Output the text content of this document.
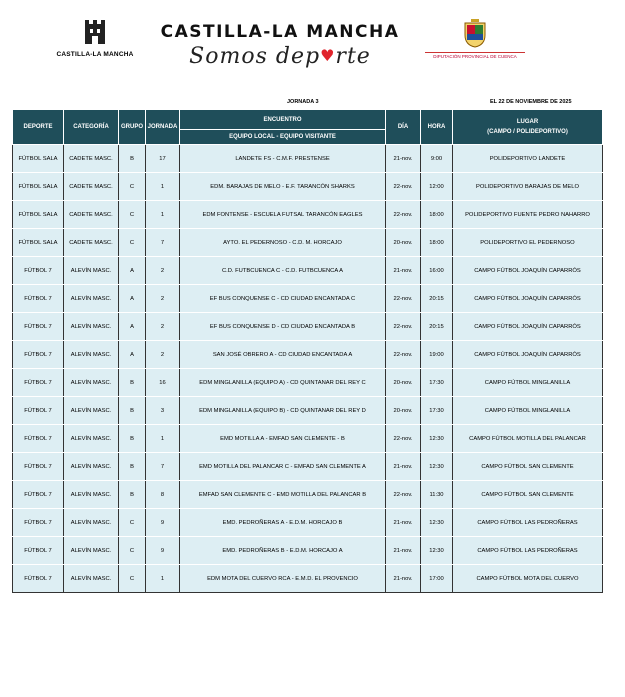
CASTILLA-LA MANCHA
CASTILLA-LA MANCHA
Somos dep♥rte	DIPUTACIÓN PROVINCIAL DE CUENCA
JORNADA 3	EL 22 DE NOVIEMBRE DE 2025
DEPORTE	CATEGORÍA	GRUPO	JORNADA	ENCUENTRO
EQUIPO LOCAL - EQUIPO VISITANTE	DÍA	HORA	LUGAR
(CAMPO / POLIDEPORTIVO)

FÚTBOL SALA	CADETE MASC.	B	17	LANDETE FS - C.M.F. PRESTENSE	21-nov.	9:00	POLIDEPORTIVO LANDETE
FÚTBOL SALA	CADETE MASC.	C	1	EDM. BARAJAS DE MELO - E.F. TARANCÓN SHARKS	22-nov.	12:00	POLIDEPORTIVO BARAJAS DE MELO
FÚTBOL SALA	CADETE MASC.	C	1	EDM FONTENSE - ESCUELA FUTSAL TARANCÓN EAGLES	22-nov.	18:00	POLIDEPORTIVO FUENTE PEDRO NAHARRO
FÚTBOL SALA	CADETE MASC.	C	7	AYTO. EL PEDERNOSO - C.D. M. HORCAJO	20-nov.	18:00	POLIDEPORTIVO EL PEDERNOSO
FÚTBOL 7	ALEVÍN MASC.	A	2	C.D. FUTBCUENCA C - C.D. FUTBCUENCA A	21-nov.	16:00	CAMPO FÚTBOL JOAQUÍN CAPARRÓS
FÚTBOL 7	ALEVÍN MASC.	A	2	EF BUS CONQUENSE C - CD CIUDAD ENCANTADA C	22-nov.	20:15	CAMPO FÚTBOL JOAQUÍN CAPARRÓS
FÚTBOL 7	ALEVÍN MASC.	A	2	EF BUS CONQUENSE D - CD CIUDAD ENCANTADA B	22-nov.	20:15	CAMPO FÚTBOL JOAQUÍN CAPARRÓS
FÚTBOL 7	ALEVÍN MASC.	A	2	SAN JOSÉ OBRERO A - CD CIUDAD ENCANTADA A	22-nov.	19:00	CAMPO FÚTBOL JOAQUÍN CAPARRÓS
FÚTBOL 7	ALEVÍN MASC.	B	16	EDM MINGLANILLA (EQUIPO A) - CD QUINTANAR DEL REY C	20-nov.	17:30	CAMPO FÚTBOL MINGLANILLA
FÚTBOL 7	ALEVÍN MASC.	B	3	EDM MINGLANILLA (EQUIPO B) - CD QUINTANAR DEL REY D	20-nov.	17:30	CAMPO FÚTBOL MINGLANILLA
FÚTBOL 7	ALEVÍN MASC.	B	1	EMD MOTILLA A - EMFAD SAN CLEMENTE - B	22-nov.	12:30	CAMPO FÚTBOL MOTILLA DEL PALANCAR
FÚTBOL 7	ALEVÍN MASC.	B	7	EMD MOTILLA DEL PALANCAR C - EMFAD SAN CLEMENTE A	21-nov.	12:30	CAMPO FÚTBOL SAN CLEMENTE
FÚTBOL 7	ALEVÍN MASC.	B	8	EMFAD SAN CLEMENTE C - EMD MOTILLA DEL PALANCAR B	22-nov.	11:30	CAMPO FÚTBOL SAN CLEMENTE
FÚTBOL 7	ALEVÍN MASC.	C	9	EMD. PEDROÑERAS A - E.D.M. HORCAJO B	21-nov.	12:30	CAMPO FÚTBOL LAS PEDROÑERAS
FÚTBOL 7	ALEVÍN MASC.	C	9	EMD. PEDROÑERAS B - E.D.M. HORCAJO A	21-nov.	12:30	CAMPO FÚTBOL LAS PEDROÑERAS
FÚTBOL 7	ALEVÍN MASC.	C	1	EDM MOTA DEL CUERVO RCA - E.M.D. EL PROVENCIO	21-nov.	17:00	CAMPO FÚTBOL MOTA DEL CUERVO
